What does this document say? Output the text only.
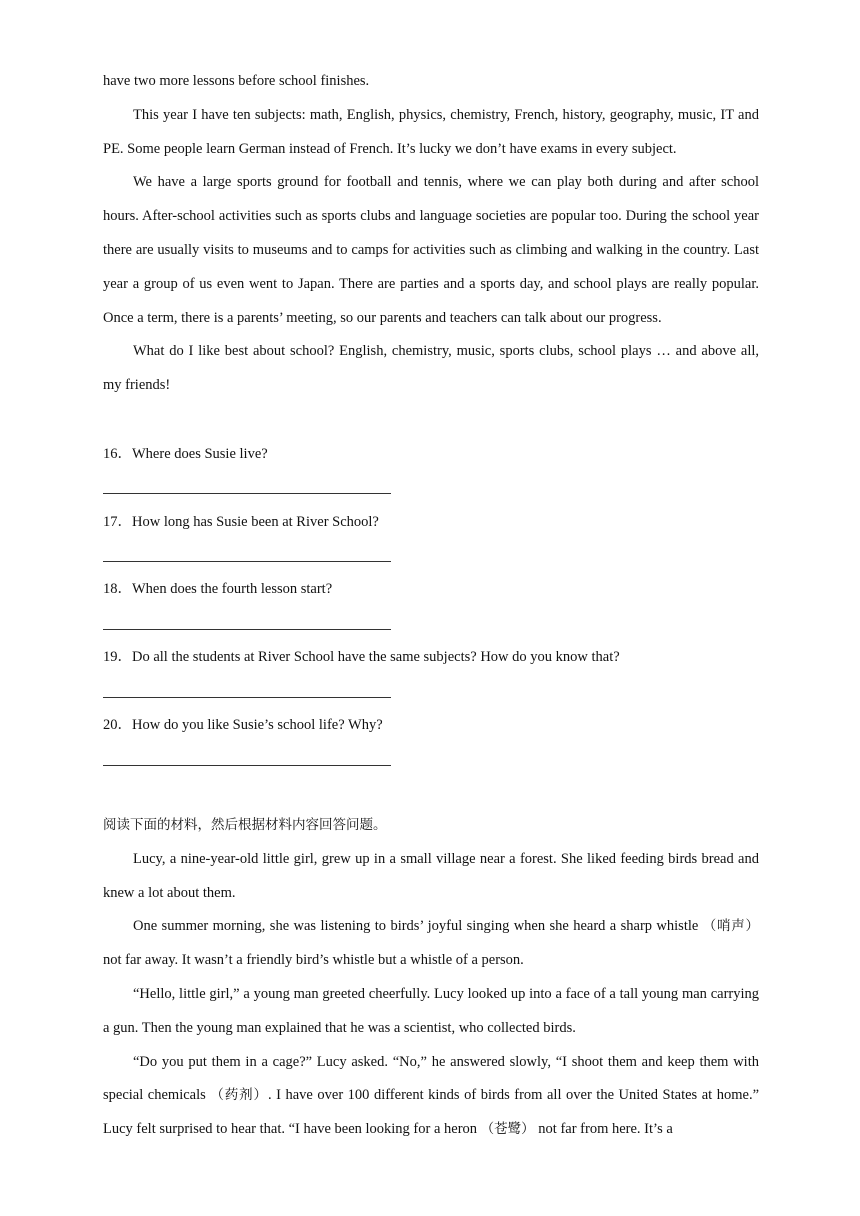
have two more lessons before school finishes.

This year I have ten subjects: math, English, physics, chemistry, French, history, geography, music, IT and PE. Some people learn German instead of French. It’s lucky we don’t have exams in every subject.

We have a large sports ground for football and tennis, where we can play both during and after school hours. After-school activities such as sports clubs and language societies are popular too. During the school year there are usually visits to museums and to camps for activities such as climbing and walking in the country. Last year a group of us even went to Japan. There are parties and a sports day, and school plays are really popular. Once a term, there is a parents’ meeting, so our parents and teachers can talk about our progress.

What do I like best about school? English, chemistry, music, sports clubs, school plays … and above all, my friends!

16．Where does Susie live?

17．How long has Susie been at River School?

18．When does the fourth lesson start?

19．Do all the students at River School have the same subjects? How do you know that?

20．How do you like Susie’s school life? Why?

阅读下面的材料，然后根据材料内容回答问题。

Lucy, a nine-year-old little girl, grew up in a small village near a forest. She liked feeding birds bread and knew a lot about them.

One summer morning, she was listening to birds’ joyful singing when she heard a sharp whistle （哨声） not far away. It wasn’t a friendly bird’s whistle but a whistle of a person.

“Hello, little girl,” a young man greeted cheerfully. Lucy looked up into a face of a tall young man carrying a gun. Then the young man explained that he was a scientist, who collected birds.

“Do you put them in a cage?” Lucy asked. “No,” he answered slowly, “I shoot them and keep them with special chemicals （药剂）. I have over 100 different kinds of birds from all over the United States at home.” Lucy felt surprised to hear that. “I have been looking for a heron （苍鹭） not far from here. It’s a
